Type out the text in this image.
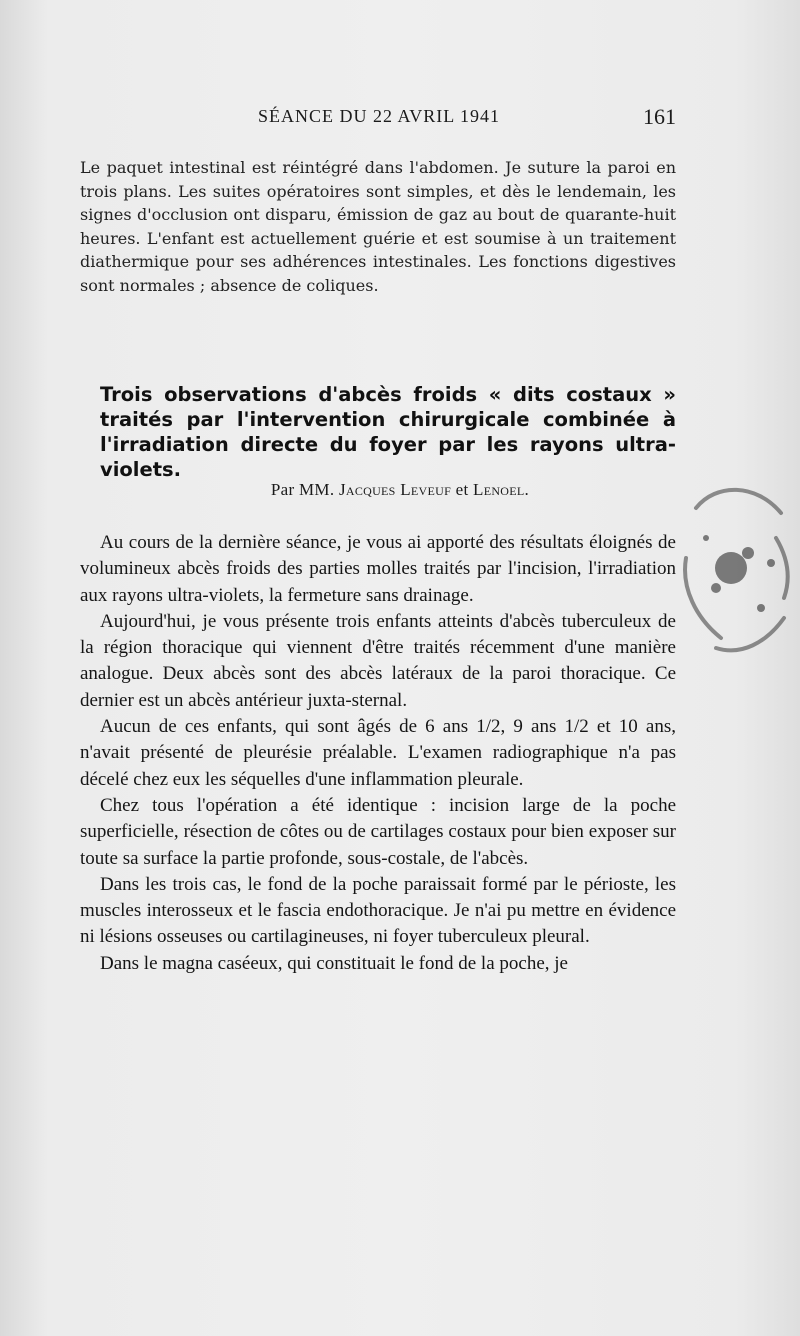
SÉANCE DU 22 AVRIL 1941	161

Le paquet intestinal est réintégré dans l'abdomen. Je suture la paroi en trois plans. Les suites opératoires sont simples, et dès le lendemain, les signes d'occlusion ont disparu, émission de gaz au bout de quarante-huit heures. L'enfant est actuellement guérie et est soumise à un traitement diathermique pour ses adhérences intestinales. Les fonctions digestives sont normales ; absence de coliques.

Trois observations d'abcès froids « dits costaux » traités par l'intervention chirurgicale combinée à l'irradiation directe du foyer par les rayons ultra-violets.

Par MM. Jacques Leveuf et Lenoel.

Au cours de la dernière séance, je vous ai apporté des résultats éloignés de volumineux abcès froids des parties molles traités par l'incision, l'irradiation aux rayons ultra-violets, la fermeture sans drainage.

Aujourd'hui, je vous présente trois enfants atteints d'abcès tuberculeux de la région thoracique qui viennent d'être traités récemment d'une manière analogue. Deux abcès sont des abcès latéraux de la paroi thoracique. Ce dernier est un abcès antérieur juxta-sternal.

Aucun de ces enfants, qui sont âgés de 6 ans 1/2, 9 ans 1/2 et 10 ans, n'avait présenté de pleurésie préalable. L'examen radiographique n'a pas décelé chez eux les séquelles d'une inflammation pleurale.

Chez tous l'opération a été identique : incision large de la poche superficielle, résection de côtes ou de cartilages costaux pour bien exposer sur toute sa surface la partie profonde, sous-costale, de l'abcès.

Dans les trois cas, le fond de la poche paraissait formé par le périoste, les muscles interosseux et le fascia endothoracique. Je n'ai pu mettre en évidence ni lésions osseuses ou cartilagineuses, ni foyer tuberculeux pleural.

Dans le magna caséeux, qui constituait le fond de la poche, je
